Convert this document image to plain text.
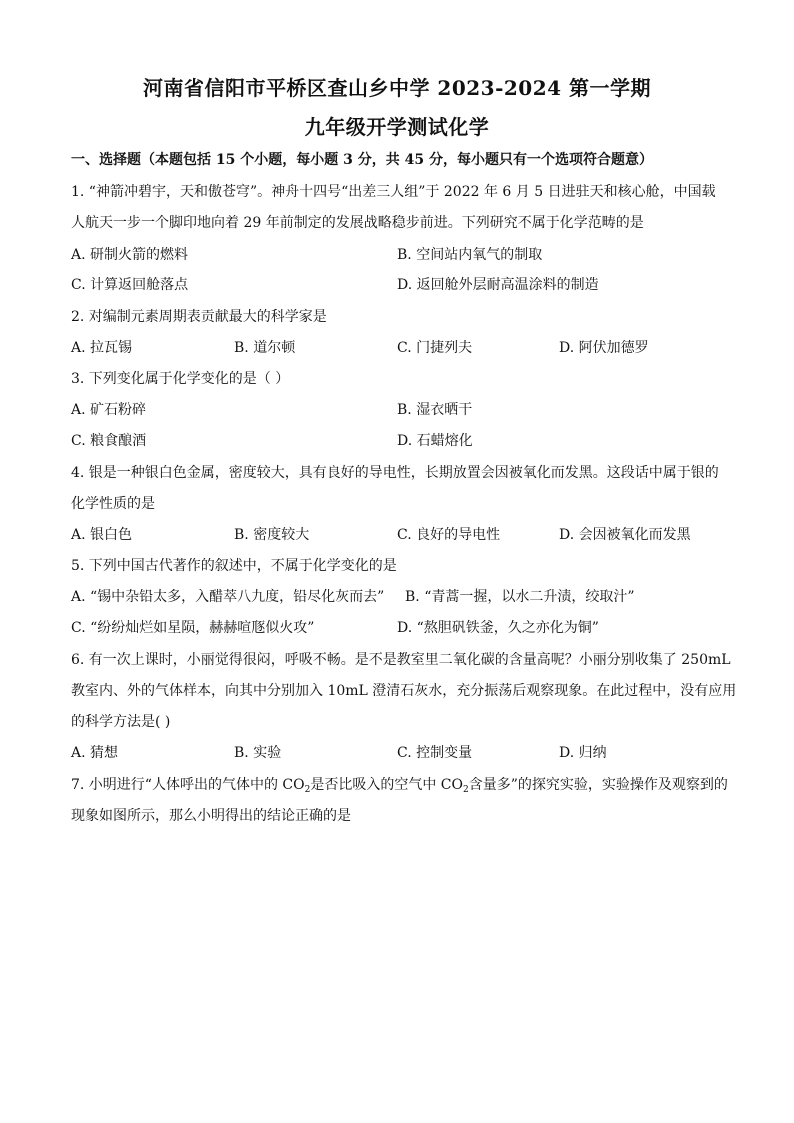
河南省信阳市平桥区查山乡中学 2023-2024 第一学期
九年级开学测试化学
一、选择题（本题包括 15 个小题，每小题 3 分，共 45 分，每小题只有一个选项符合题意）
1. “神箭冲碧宇，天和傲苍穹”。神舟十四号“出差三人组”于 2022 年 6 月 5 日进驻天和核心舱，中国载
人航天一步一个脚印地向着 29 年前制定的发展战略稳步前进。下列研究不属于化学范畴的是
A. 研制火箭的燃料	B. 空间站内氧气的制取
C. 计算返回舱落点	D. 返回舱外层耐高温涂料的制造
2. 对编制元素周期表贡献最大的科学家是
A. 拉瓦锡	B. 道尔顿	C. 门捷列夫	D. 阿伏加德罗
3. 下列变化属于化学变化的是（ ）
A. 矿石粉碎	B. 湿衣晒干
C. 粮食酿酒	D. 石蜡熔化
4. 银是一种银白色金属，密度较大，具有良好的导电性，长期放置会因被氧化而发黑。这段话中属于银的
化学性质的是
A. 银白色	B. 密度较大	C. 良好的导电性	D. 会因被氧化而发黑
5. 下列中国古代著作的叙述中，不属于化学变化的是
A. “锡中杂铅太多，入醋萃八九度，铅尽化灰而去” B. “青蒿一握，以水二升渍，绞取汁”
C. “纷纷灿烂如星陨，赫赫喧豗似火攻”	D. “熬胆矾铁釜，久之亦化为铜”
6. 有一次上课时，小丽觉得很闷，呼吸不畅。是不是教室里二氧化碳的含量高呢？小丽分别收集了 250mL
教室内、外的气体样本，向其中分别加入 10mL 澄清石灰水，充分振荡后观察现象。在此过程中，没有应用
的科学方法是( )
A. 猜想	B. 实验	C. 控制变量	D. 归纳
7. 小明进行“人体呼出的气体中的 $CO_2$是否比吸入的空气中 $CO_2$含量多”的探究实验，实验操作及观察到的
现象如图所示，那么小明得出的结论正确的是
